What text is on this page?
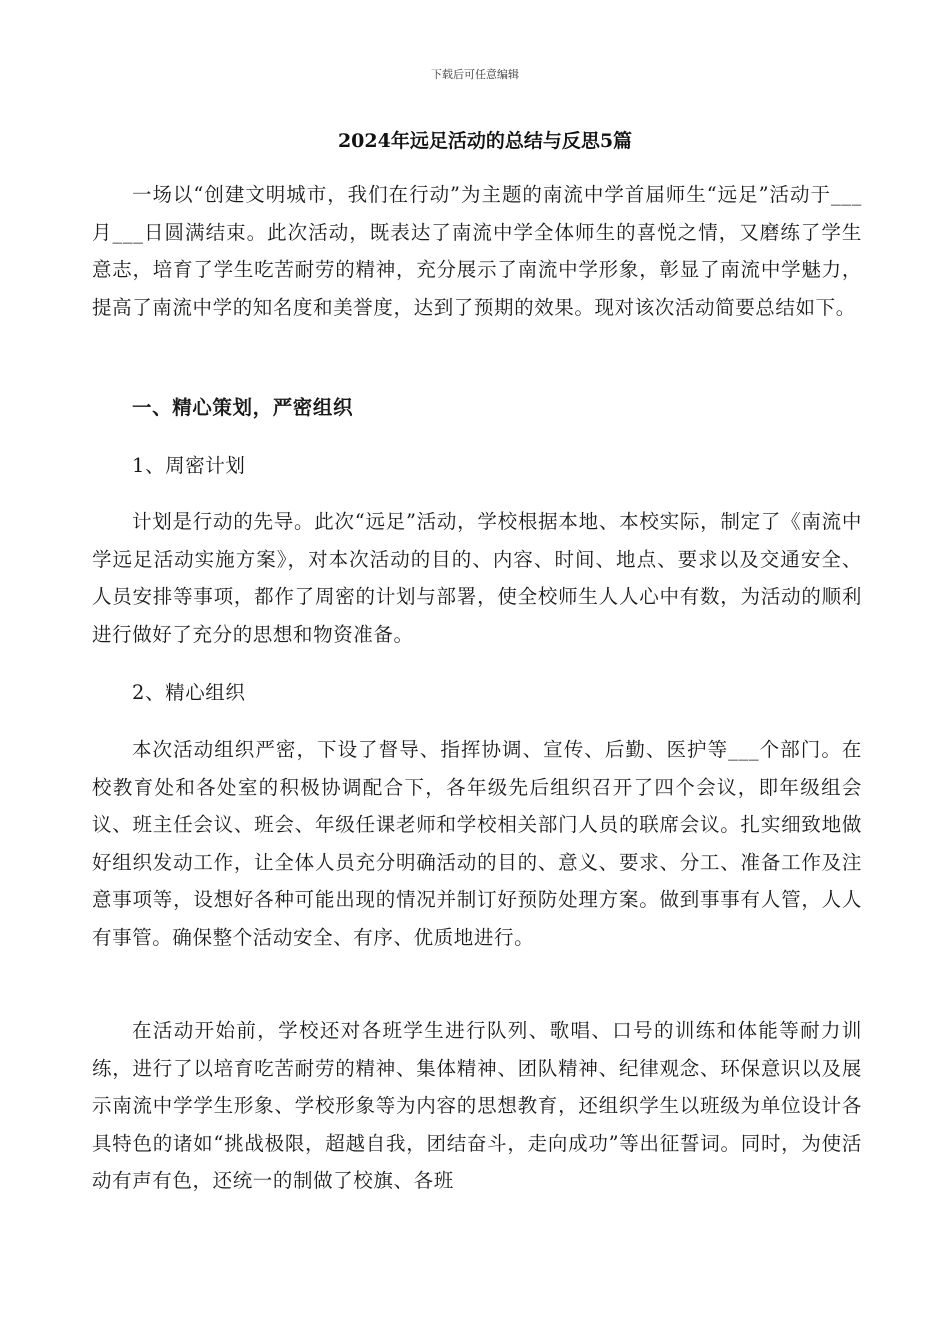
下载后可任意编辑
2024年远足活动的总结与反思5篇
一场以“创建文明城市，我们在行动”为主题的南流中学首届师生“远足”活动于___月___日圆满结束。此次活动，既表达了南流中学全体师生的喜悦之情，又磨练了学生意志，培育了学生吃苦耐劳的精神，充分展示了南流中学形象，彰显了南流中学魅力，提高了南流中学的知名度和美誉度，达到了预期的效果。现对该次活动简要总结如下。
一、精心策划，严密组织
1、周密计划
计划是行动的先导。此次“远足”活动，学校根据本地、本校实际，制定了《南流中学远足活动实施方案》，对本次活动的目的、内容、时间、地点、要求以及交通安全、人员安排等事项，都作了周密的计划与部署，使全校师生人人心中有数，为活动的顺利进行做好了充分的思想和物资准备。
2、精心组织
本次活动组织严密，下设了督导、指挥协调、宣传、后勤、医护等___个部门。在校教育处和各处室的积极协调配合下，各年级先后组织召开了四个会议，即年级组会议、班主任会议、班会、年级任课老师和学校相关部门人员的联席会议。扎实细致地做好组织发动工作，让全体人员充分明确活动的目的、意义、要求、分工、准备工作及注意事项等，设想好各种可能出现的情况并制订好预防处理方案。做到事事有人管，人人有事管。确保整个活动安全、有序、优质地进行。
在活动开始前，学校还对各班学生进行队列、歌唱、口号的训练和体能等耐力训练，进行了以培育吃苦耐劳的精神、集体精神、团队精神、纪律观念、环保意识以及展示南流中学学生形象、学校形象等为内容的思想教育，还组织学生以班级为单位设计各具特色的诸如“挑战极限，超越自我，团结奋斗，走向成功”等出征誓词。同时，为使活动有声有色，还统一的制做了校旗、各班
